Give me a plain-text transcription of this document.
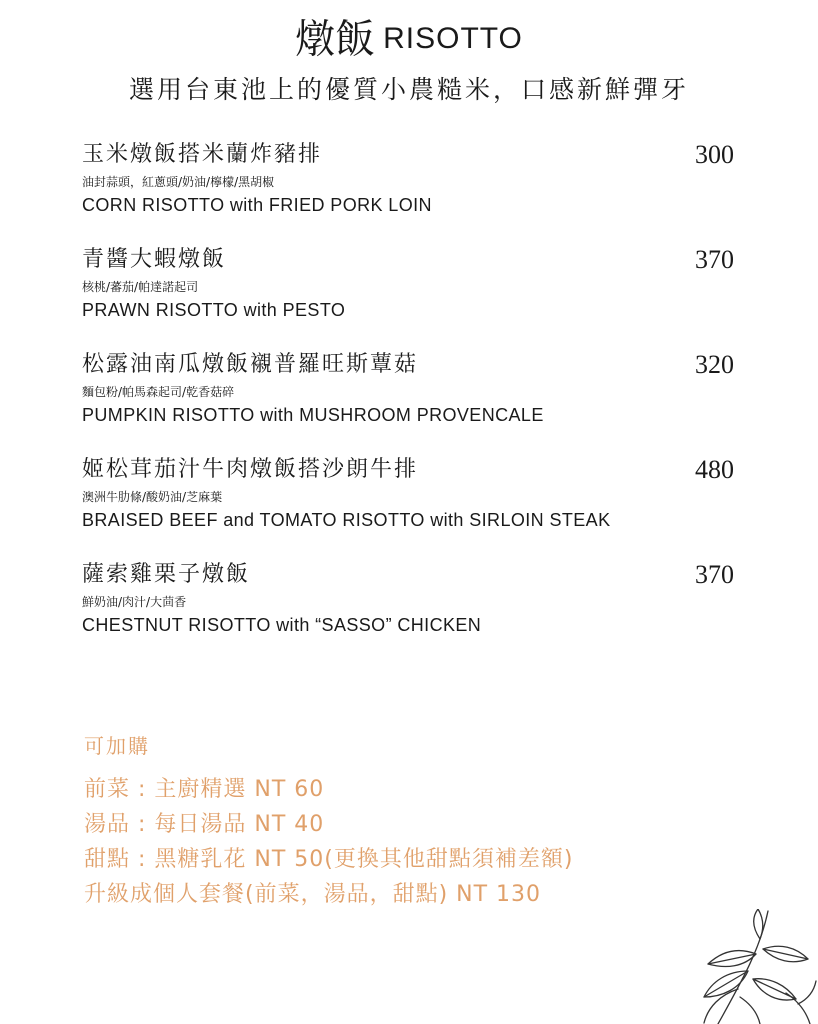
燉飯 RISOTTO
選用台東池上的優質小農糙米，口感新鮮彈牙
玉米燉飯搭米蘭炸豬排
油封蒜頭，紅蔥頭/奶油/檸檬/黑胡椒
CORN RISOTTO with FRIED PORK LOIN
300
青醬大蝦燉飯
核桃/蕃茄/帕達諾起司
PRAWN RISOTTO with PESTO
370
松露油南瓜燉飯襯普羅旺斯蕈菇
麵包粉/帕馬森起司/乾香菇碎
PUMPKIN RISOTTO with MUSHROOM PROVENCALE
320
姬松茸茄汁牛肉燉飯搭沙朗牛排
澳洲牛肋條/酸奶油/芝麻葉
BRAISED BEEF and TOMATO RISOTTO with SIRLOIN STEAK
480
薩索雞栗子燉飯
鮮奶油/肉汁/大茴香
CHESTNUT RISOTTO with “SASSO” CHICKEN
370
可加購
前菜 : 主廚精選 NT 60
湯品 : 每日湯品 NT 40
甜點 : 黑糖乳花 NT 50(更換其他甜點須補差額)
升級成個人套餐(前菜，湯品，甜點) NT 130
